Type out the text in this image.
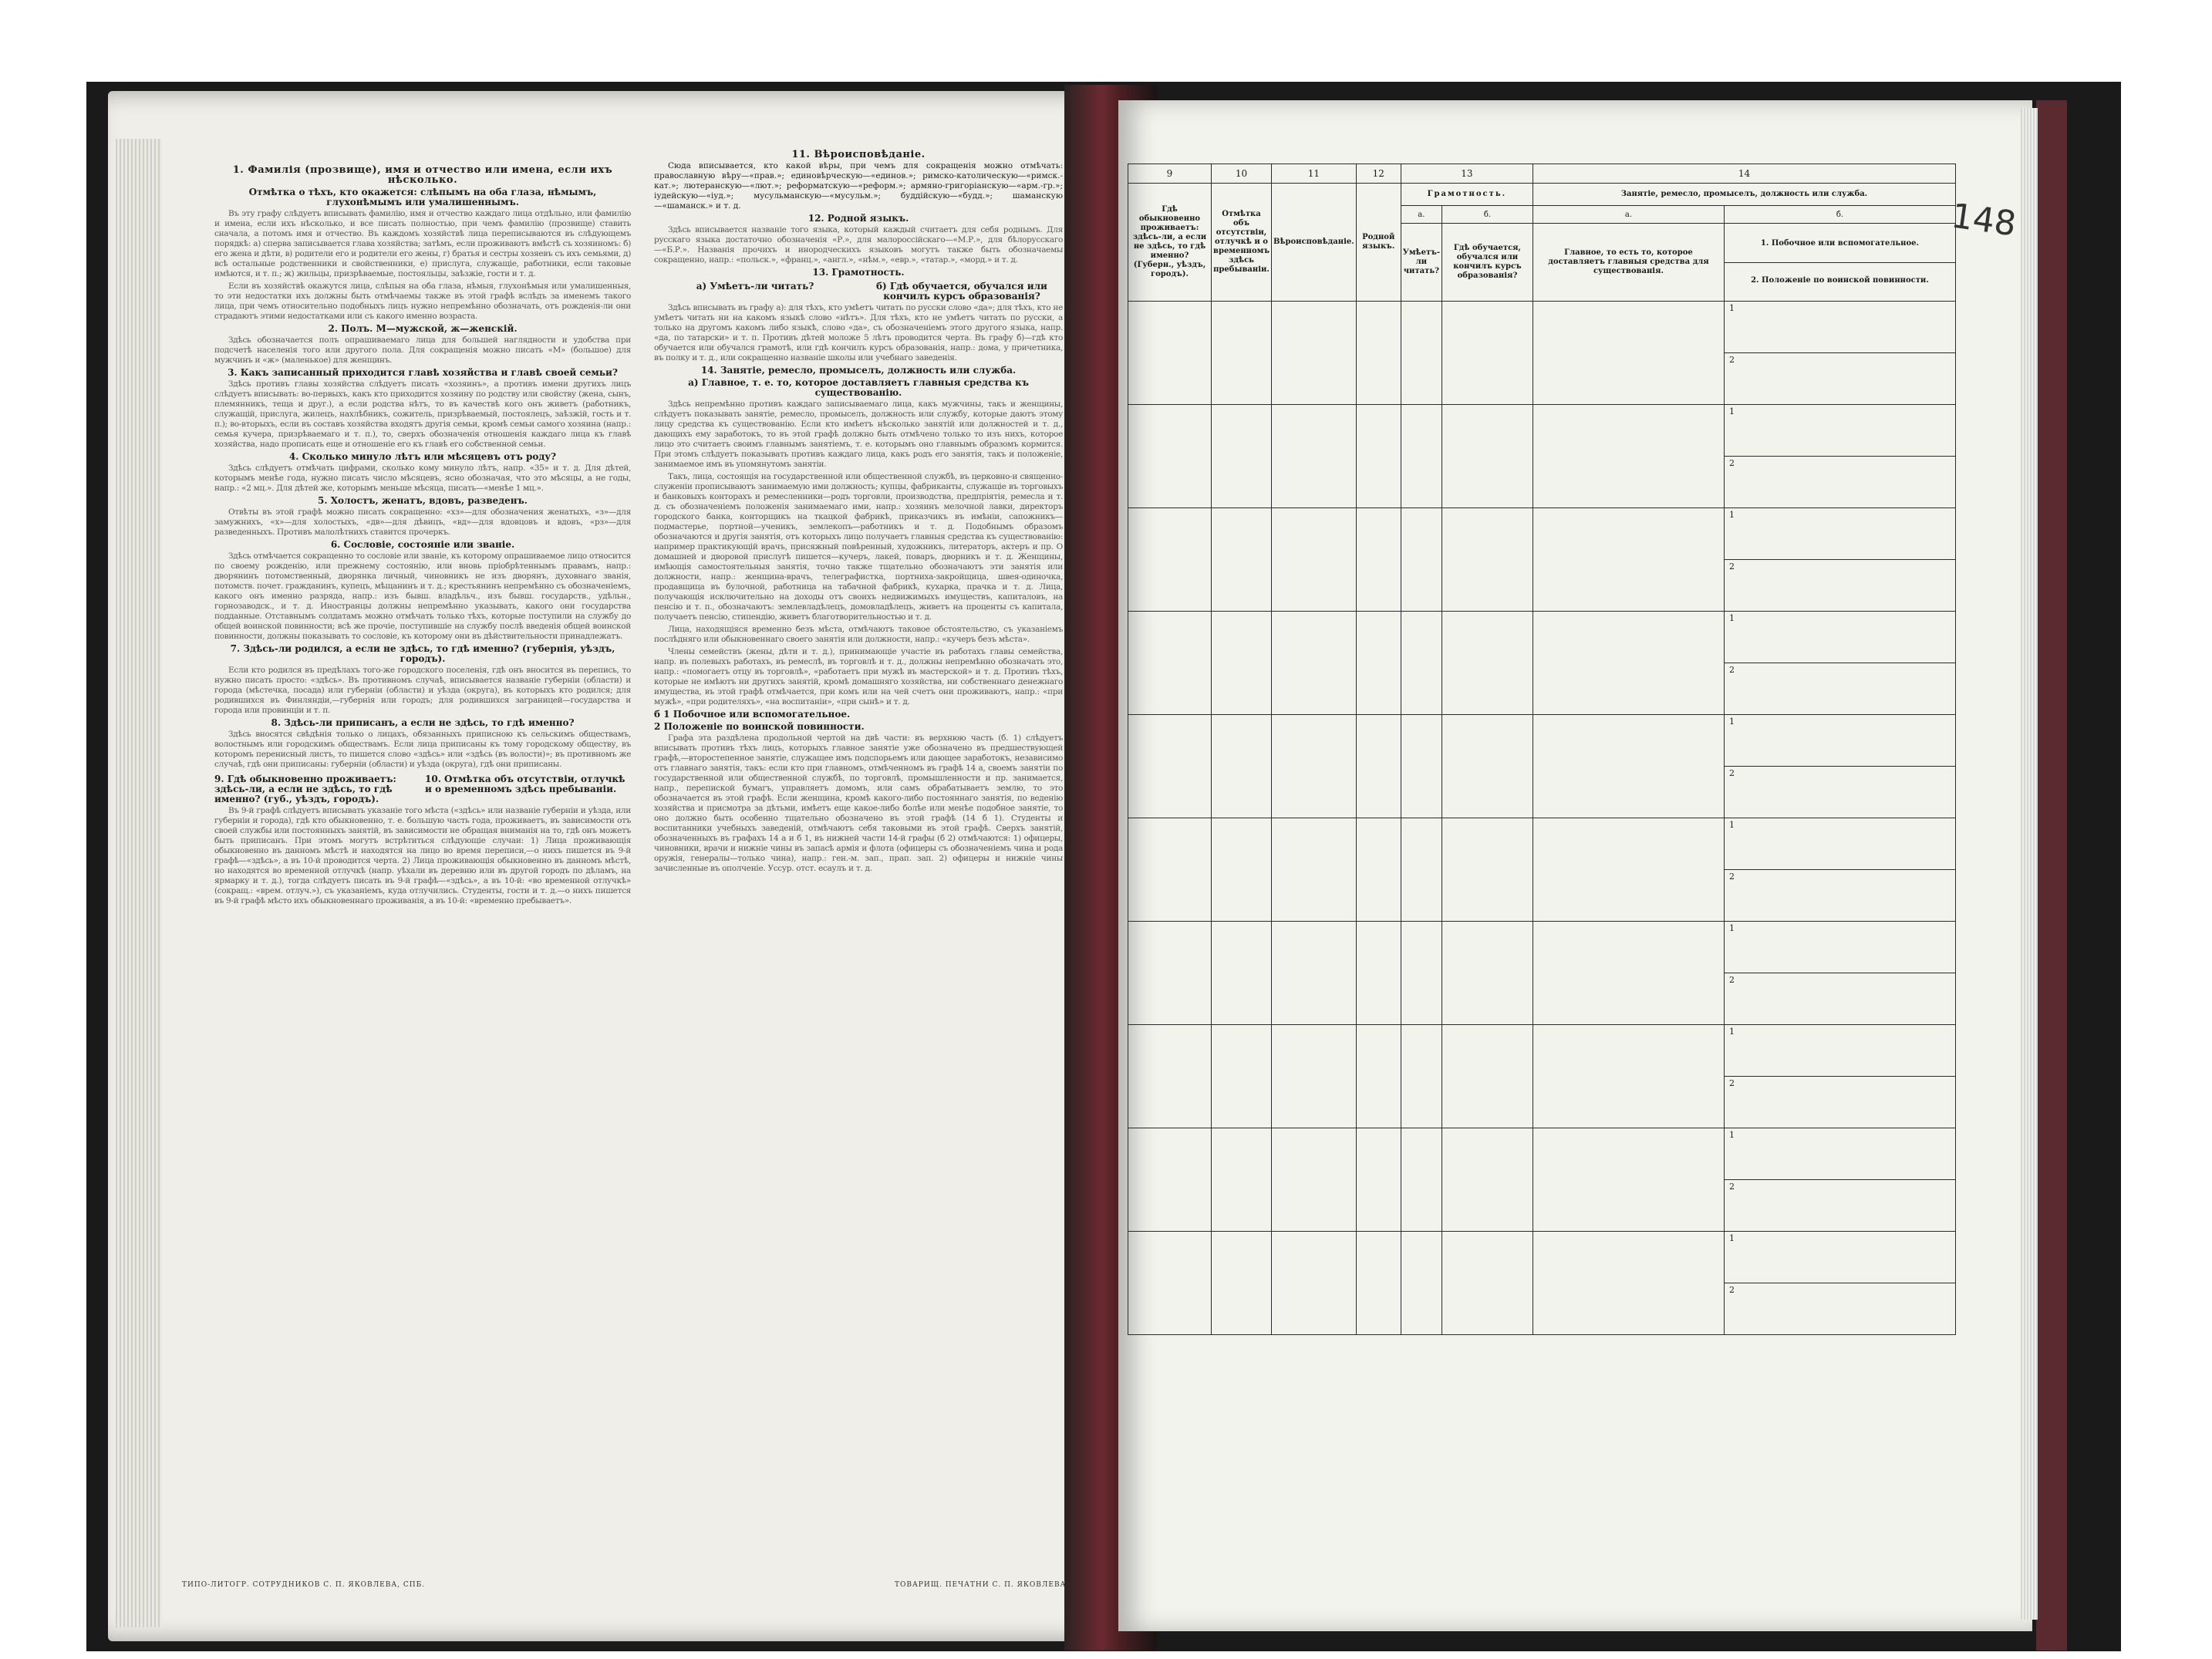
1. Фамилія (прозвище), имя и отчество или имена, если ихъ нѣсколько.
Отмѣтка о тѣхъ, кто окажется: слѣпымъ на оба глаза, нѣмымъ, глухонѣмымъ или умалишеннымъ.

Въ эту графу слѣдуетъ вписывать фамилію, имя и отчество каждаго лица отдѣльно, или фамилію и имена, если ихъ нѣсколько, и все писать полностью, при чемъ фамилію (прозвище) ставить сначала, а потомъ имя и отчество. Въ каждомъ хозяйствѣ лица переписываются въ слѣдующемъ порядкѣ: а) сперва записывается глава хозяйства; затѣмъ, если проживаютъ вмѣстѣ съ хозяиномъ: б) его жена и дѣти, в) родители его и родители его жены, г) братья и сестры хозяевъ съ ихъ семьями, д) всѣ остальные родственники и свойственники, е) прислуга, служащіе, работники, если таковые имѣются, и т. п.; ж) жильцы, призрѣваемые, постояльцы, заѣзжіе, гости и т. д.

Если въ хозяйствѣ окажутся лица, слѣпыя на оба глаза, нѣмыя, глухонѣмыя или умалишенныя, то эти недостатки ихъ должны быть отмѣчаемы также въ этой графѣ вслѣдъ за именемъ такого лица, при чемъ относительно подобныхъ лицъ нужно непремѣнно обозначать, отъ рожденія-ли они страдаютъ этими недостатками или съ какого именно возраста.

2. Полъ. М—мужской, ж—женскій.

Здѣсь обозначается полъ опрашиваемаго лица для большей наглядности и удобства при подсчетѣ населенія того или другого пола. Для сокращенія можно писать «М» (большое) для мужчинъ и «ж» (маленькое) для женщинъ.

3. Какъ записанный приходится главѣ хозяйства и главѣ своей семьи?

Здѣсь противъ главы хозяйства слѣдуетъ писать «хозяинъ», а противъ имени другихъ лицъ слѣдуетъ вписывать: во-первыхъ, какъ кто приходится хозяину по родству или свойству (жена, сынъ, племянникъ, теща и друг.), а если родства нѣтъ, то въ качествѣ кого онъ живетъ (работникъ, служащій, прислуга, жилецъ, нахлѣбникъ, сожитель, призрѣваемый, постоялецъ, заѣзжій, гость и т. п.); во-вторыхъ, если въ составъ хозяйства входятъ другія семьи, кромѣ семьи самого хозяина (напр.: семья кучера, призрѣваемаго и т. п.), то, сверхъ обозначенія отношенія каждаго лица къ главѣ хозяйства, надо прописать еще и отношеніе его къ главѣ его собственной семьи.

4. Сколько минуло лѣтъ или мѣсяцевъ отъ роду?

Здѣсь слѣдуетъ отмѣчать цифрами, сколько кому минуло лѣтъ, напр. «35» и т. д. Для дѣтей, которымъ менѣе года, нужно писать число мѣсяцевъ, ясно обозначая, что это мѣсяцы, а не годы, напр.: «2 мц.». Для дѣтей же, которымъ меньше мѣсяца, писать—«менѣе 1 мц.».

5. Холостъ, женатъ, вдовъ, разведенъ.

Отвѣты въ этой графѣ можно писать сокращенно: «хз»—для обозначения женатыхъ, «з»—для замужнихъ, «х»—для холостыхъ, «дв»—для дѣвицъ, «вд»—для вдовцовъ и вдовъ, «рз»—для разведенныхъ. Противъ малолѣтнихъ ставится прочеркъ.

6. Сословіе, состояніе или званіе.

Здѣсь отмѣчается сокращенно то сословіе или званіе, къ которому опрашиваемое лицо относится по своему рожденію, или прежнему состоянію, или вновь пріобрѣтеннымъ правамъ, напр.: дворянинъ потомственный, дворянка личный, чиновникъ не изъ дворянъ, духовнаго званія, потомств. почет. гражданинъ, купецъ, мѣщанинъ и т. д.; крестьянинъ непремѣнно съ обозначеніемъ, какого онъ именно разряда, напр.: изъ бывш. владѣльч., изъ бывш. государств., удѣльн., горнозаводск., и т. д. Иностранцы должны непремѣнно указывать, какого они государства подданные. Отставнымъ солдатамъ можно отмѣчать только тѣхъ, которые поступили на службу до общей воинской повинности; всѣ же прочіе, поступившіе на службу послѣ введенія общей воинской повинности, должны показывать то сословіе, къ которому они въ дѣйствительности принадлежатъ.

7. Здѣсь-ли родился, а если не здѣсь, то гдѣ именно? (губернія, уѣздъ, городъ).

Если кто родился въ предѣлахъ того-же городского поселенія, гдѣ онъ вносится въ перепись, то нужно писать просто: «здѣсь». Въ противномъ случаѣ, вписывается названіе губерніи (области) и города (мѣстечка, посада) или губерніи (области) и уѣзда (округа), въ которыхъ кто родился; для родившихся въ Финляндіи,—губернія или городъ; для родившихся заграницей—государства и города или провинціи и т. п.

8. Здѣсь-ли приписанъ, а если не здѣсь, то гдѣ именно?

Здѣсь вносятся свѣдѣнія только о лицахъ, обязанныхъ приписною къ сельскимъ обществамъ, волостнымъ или городскимъ обществамъ. Если лица приписаны къ тому городскому обществу, въ которомъ перенисный листъ, то пишется слово «здѣсь» или «здѣсь (въ волости)»; въ противномъ же случаѣ, гдѣ они приписаны: губерніи (области) и уѣзда (округа), гдѣ они приписаны.

9. Гдѣ обыкновенно проживаетъ: здѣсь-ли, а если не здѣсь, то гдѣ именно? (губ., уѣздъ, городъ).
10. Отмѣтка объ отсутствіи, отлучкѣ и о временномъ здѣсь пребываніи.

Въ 9-й графѣ слѣдуетъ вписывать указаніе того мѣста («здѣсь» или названіе губерніи и уѣзда, или губерніи и города), гдѣ кто обыкновенно, т. е. большую часть года, проживаетъ, въ зависимости отъ своей службы или постоянныхъ занятій, въ зависимости не обращая вниманія на то, гдѣ онъ можетъ быть приписанъ. При этомъ могутъ встрѣтиться слѣдующіе случаи: 1) Лица проживающія обыкновенно въ данномъ мѣстѣ и находятся на лицо во время переписи,—о нихъ пишется въ 9-й графѣ—«здѣсь», а въ 10-й проводится черта. 2) Лица проживающія обыкновенно въ данномъ мѣстѣ, но находятся во временной отлучкѣ (напр. уѣхали въ деревню или въ другой городъ по дѣламъ, на ярмарку и т. д.), тогда слѣдуетъ писать въ 9-й графѣ—«здѣсь», а въ 10-й: «во временной отлучкѣ» (сокращ.: «врем. отлуч.»), съ указаніемъ, куда отлучились. Студенты, гости и т. д.—о нихъ пишется въ 9-й графѣ мѣсто ихъ обыкновеннаго проживанія, а въ 10-й: «временно пребываетъ».

ТИПО-ЛИТОГР. СОТРУДНИКОВ С. П. ЯКОВЛЕВА, СПБ.
11. Вѣроисповѣданіе.

Сюда вписывается, кто какой вѣры, при чемъ для сокращенія можно отмѣчать: православную вѣру—«прав.»; единовѣрческую—«единов.»; римско-католическую—«римск.-кат.»; лютеранскую—«лют.»; реформатскую—«реформ.»; армяно-григоріанскую—«арм.-гр.»; іудейскую—«іуд.»; мусульманскую—«мусульм.»; буддійскую—«будд.»; шаманскую—«шаманск.» и т. д.

12. Родной языкъ.

Здѣсь вписывается названіе того языка, который каждый считаетъ для себя роднымъ. Для русскаго языка достаточно обозначенія «Р.», для малороссійскаго—«М.Р.», для бѣлорусскаго—«Б.Р.». Названія прочихъ и инородческихъ языковъ могутъ также быть обозначаемы сокращенно, напр.: «польск.», «франц.», «англ.», «нѣм.», «евр.», «татар.», «морд.» и т. д.

13. Грамотность.
а) Умѣетъ-ли читать?	б) Гдѣ обучается, обучался или кончилъ курсъ образованія?

Здѣсь вписывать въ графу а): для тѣхъ, кто умѣетъ читать по русски слово «да»; для тѣхъ, кто не умѣетъ читать ни на какомъ языкѣ слово «нѣтъ». Для тѣхъ, кто не умѣетъ читать по русски, а только на другомъ какомъ либо языкѣ, слово «да», съ обозначеніемъ этого другого языка, напр. «да, по татарски» и т. п. Противъ дѣтей моложе 5 лѣтъ проводится черта. Въ графу б)—гдѣ кто обучается или обучался грамотѣ, или гдѣ кончилъ курсъ образованія, напр.: дома, у причетника, въ полку и т. д., или сокращенно названіе школы или учебнаго заведенія.

14. Занятіе, ремесло, промыселъ, должность или служба.
а) Главное, т. е. то, которое доставляетъ главныя средства къ существованію.

Здѣсь непремѣнно противъ каждаго записываемаго лица, какъ мужчины, такъ и женщины, слѣдуетъ показывать занятіе, ремесло, промыселъ, должность или службу, которые даютъ этому лицу средства къ существованію. Если кто имѣетъ нѣсколько занятій или должностей и т. д., дающихъ ему заработокъ, то въ этой графѣ должно быть отмѣчено только то изъ нихъ, которое лицо это считаетъ своимъ главнымъ занятіемъ, т. е. которымъ оно главнымъ образомъ кормится. При этомъ слѣдуетъ показывать противъ каждаго лица, какъ родъ его занятія, такъ и положеніе, занимаемое имъ въ упомянутомъ занятіи.

Такъ, лица, состоящія на государственной или общественной службѣ, въ церковно-и священно-служеніи прописываютъ занимаемую ими должность; купцы, фабриканты, служащіе въ торговыхъ и банковыхъ конторахъ и ремесленники—родъ торговли, производства, предпріятія, ремесла и т. д. съ обозначеніемъ положенія занимаемаго ими, напр.: хозяинъ мелочной лавки, директоръ городского банка, конторщикъ на ткацкой фабрикѣ, приказчикъ въ имѣніи, сапожникъ—подмастерье, портной—ученикъ, землекопъ—работникъ и т. д. Подобнымъ образомъ обозначаются и другія занятія, отъ которыхъ лицо получаетъ главныя средства къ существованію: например практикующій врачъ, присяжный повѣренный, художникъ, литераторъ, актеръ и пр. О домашней и дворовой прислугѣ пишется—кучеръ, лакей, поваръ, дворникъ и т. д. Женщины, имѣющія самостоятельныя занятія, точно также тщательно обозначаютъ эти занятія или должности, напр.: женщина-врачъ, телеграфистка, портниха-закройщица, швея-одиночка, продавщица въ булочной, работница на табачной фабрикѣ, кухарка, прачка и т. д. Лица, получающія исключительно на доходы отъ своихъ недвижимыхъ имуществъ, капиталовъ, на пенсію и т. п., обозначаютъ: землевладѣлецъ, домовладѣлецъ, живетъ на проценты съ капитала, получаетъ пенсію, стипендію, живетъ благотворительностью и т. д.

Лица, находящіяся временно безъ мѣста, отмѣчаютъ таковое обстоятельство, съ указаніемъ послѣдняго или обыкновеннаго своего занятія или должности, напр.: «кучеръ безъ мѣста».

Члены семействъ (жены, дѣти и т. д.), принимающіе участіе въ работахъ главы семейства, напр. въ полевыхъ работахъ, въ ремеслѣ, въ торговлѣ и т. д., должны непремѣнно обозначать это, напр.: «помогаетъ отцу въ торговлѣ», «работаетъ при мужѣ въ мастерской» и т. д. Противъ тѣхъ, которые не имѣютъ ни другихъ занятій, кромѣ домашняго хозяйства, ни собственнаго денежнаго имущества, въ этой графѣ отмѣчается, при комъ или на чей счетъ они проживаютъ, напр.: «при мужѣ», «при родителяхъ», «на воспитаніи», «при сынѣ» и т. д.

б 1 Побочное или вспомогательное.
2 Положеніе по воинской повинности.

Графа эта раздѣлена продольной чертой на двѣ части: въ верхнюю часть (б. 1) слѣдуетъ вписывать противъ тѣхъ лицъ, которыхъ главное занятіе уже обозначено въ предшествующей графѣ,—второстепенное занятіе, служащее имъ подспорьемъ или дающее заработокъ, независимо отъ главнаго занятія, такъ: если кто при главномъ, отмѣченномъ въ графѣ 14 а, своемъ занятіи по государственной или общественной службѣ, по торговлѣ, промышленности и пр. занимается, напр., перепиской бумагъ, управляетъ домомъ, или самъ обрабатываетъ землю, то это обозначается въ этой графѣ. Если женщина, кромѣ какого-либо постояннаго занятія, по веденію хозяйства и присмотра за дѣтьми, имѣетъ еще какое-либо болѣе или менѣе подобное занятіе, то оно должно быть особенно тщательно обозначено въ этой графѣ (14 б 1). Студенты и воспитанники учебныхъ заведеній, отмѣчаютъ себя таковыми въ этой графѣ. Сверхъ занятій, обозначенныхъ въ графахъ 14 а и б 1, въ нижней части 14-й графы (б 2) отмѣчаются: 1) офицеры, чиновники, врачи и нижніе чины въ запасѣ армія и флота (офицеры съ обозначеніемъ чина и рода оружія, генералы—только чина), напр.: ген.-м. зап., прап. зап. 2) офицеры и нижніе чины зачисленные въ ополченіе. Уссур. отст. есаулъ и т. д.

ТОВАРИЩ. ПЕЧАТНИ С. П. ЯКОВЛЕВА
9	10	11	12	13		14	
Гдѣ обыкновенно проживаетъ: здѣсь-ли, а если не здѣсь, то гдѣ именно? (Губерн., уѣздъ, городъ).	Отмѣтка объ отсутствіи, отлучкѣ и о временномъ здѣсь пребываніи.	Вѣроисповѣданіе.	Родной языкъ.	Грамотность.		Занятіе, ремесло, промыселъ, должность или служба.	
				а.	б.	а.	б.
				Умѣетъ-ли читать?	Гдѣ обучается, обучался или кончилъ курсъ образованія?	Главное, то есть то, которое доставляетъ главныя средства для существованія.	1. Побочное или вспомогательное.
2. Положеніе по воинской повинности.

							1
							2
							1
							2
							1
							2
							1
							2
							1
							2
							1
							2
							1
							2
							1
							2
							1
							2
							1
							2
148
